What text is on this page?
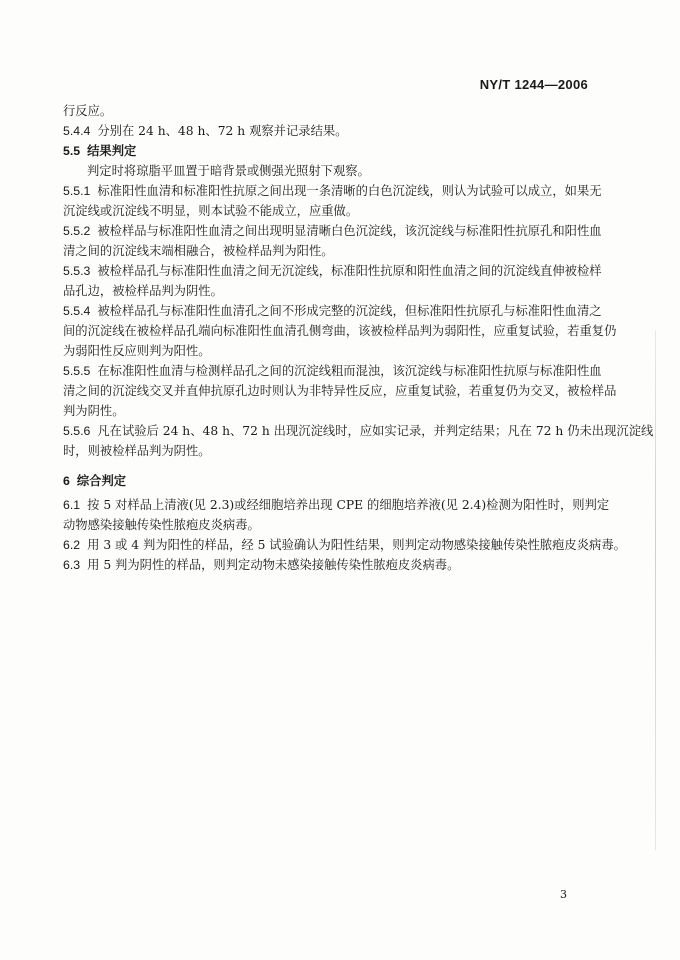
NY/T 1244—2006
行反应。
5.4.4 分别在 24 h、48 h、72 h 观察并记录结果。
5.5 结果判定
判定时将琼脂平皿置于暗背景或侧强光照射下观察。
5.5.1 标准阳性血清和标准阳性抗原之间出现一条清晰的白色沉淀线，则认为试验可以成立，如果无
沉淀线或沉淀线不明显，则本试验不能成立，应重做。
5.5.2 被检样品与标准阳性血清之间出现明显清晰白色沉淀线，该沉淀线与标准阳性抗原孔和阳性血
清之间的沉淀线末端相融合，被检样品判为阳性。
5.5.3 被检样品孔与标准阳性血清之间无沉淀线，标准阳性抗原和阳性血清之间的沉淀线直伸被检样
品孔边，被检样品判为阴性。
5.5.4 被检样品孔与标准阳性血清孔之间不形成完整的沉淀线，但标准阳性抗原孔与标准阳性血清之
间的沉淀线在被检样品孔端向标准阳性血清孔侧弯曲，该被检样品判为弱阳性，应重复试验，若重复仍
为弱阳性反应则判为阳性。
5.5.5 在标准阳性血清与检测样品孔之间的沉淀线粗而混浊，该沉淀线与标准阳性抗原与标准阳性血
清之间的沉淀线交叉并直伸抗原孔边时则认为非特异性反应，应重复试验，若重复仍为交叉，被检样品
判为阴性。
5.5.6 凡在试验后 24 h、48 h、72 h 出现沉淀线时，应如实记录，并判定结果；凡在 72 h 仍未出现沉淀线
时，则被检样品判为阴性。
6 综合判定
6.1 按 5 对样品上清液(见 2.3)或经细胞培养出现 CPE 的细胞培养液(见 2.4)检测为阳性时，则判定
动物感染接触传染性脓疱皮炎病毒。
6.2 用 3 或 4 判为阳性的样品，经 5 试验确认为阳性结果，则判定动物感染接触传染性脓疱皮炎病毒。
6.3 用 5 判为阴性的样品，则判定动物未感染接触传染性脓疱皮炎病毒。
3
